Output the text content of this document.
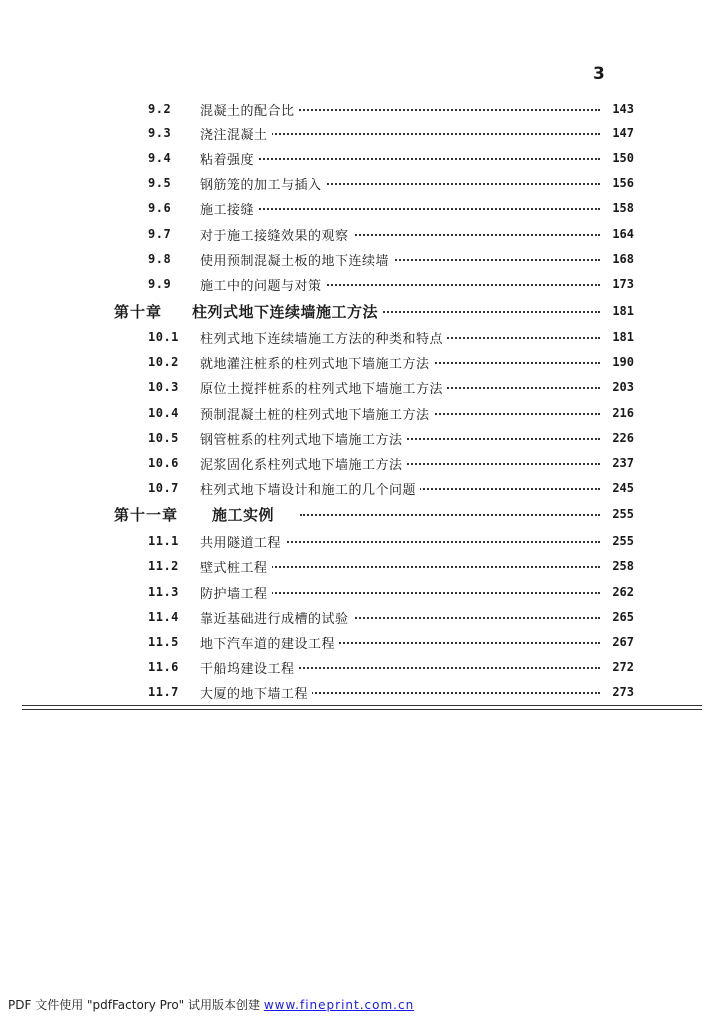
3
9.2	混凝土的配合比	143
9.3	浇注混凝土	147
9.4	粘着强度	150
9.5	钢筋笼的加工与插入	156
9.6	施工接缝	158
9.7	对于施工接缝效果的观察	164
9.8	使用预制混凝土板的地下连续墙	168
9.9	施工中的问题与对策	173
第十章 柱列式地下连续墙施工方法	181
10.1	柱列式地下连续墙施工方法的种类和特点	181
10.2	就地灌注桩系的柱列式地下墙施工方法	190
10.3	原位土搅拌桩系的柱列式地下墙施工方法	203
10.4	预制混凝土桩的柱列式地下墙施工方法	216
10.5	钢管桩系的柱列式地下墙施工方法	226
10.6	泥浆固化系柱列式地下墙施工方法	237
10.7	柱列式地下墙设计和施工的几个问题	245
第十一章 施工实例	255
11.1	共用隧道工程	255
11.2	壁式桩工程	258
11.3	防护墙工程	262
11.4	靠近基础进行成槽的试验	265
11.5	地下汽车道的建设工程	267
11.6	干船坞建设工程	272
11.7	大厦的地下墙工程	273
PDF 文件使用 "pdfFactory Pro" 试用版本创建 www.fineprint.com.cn
